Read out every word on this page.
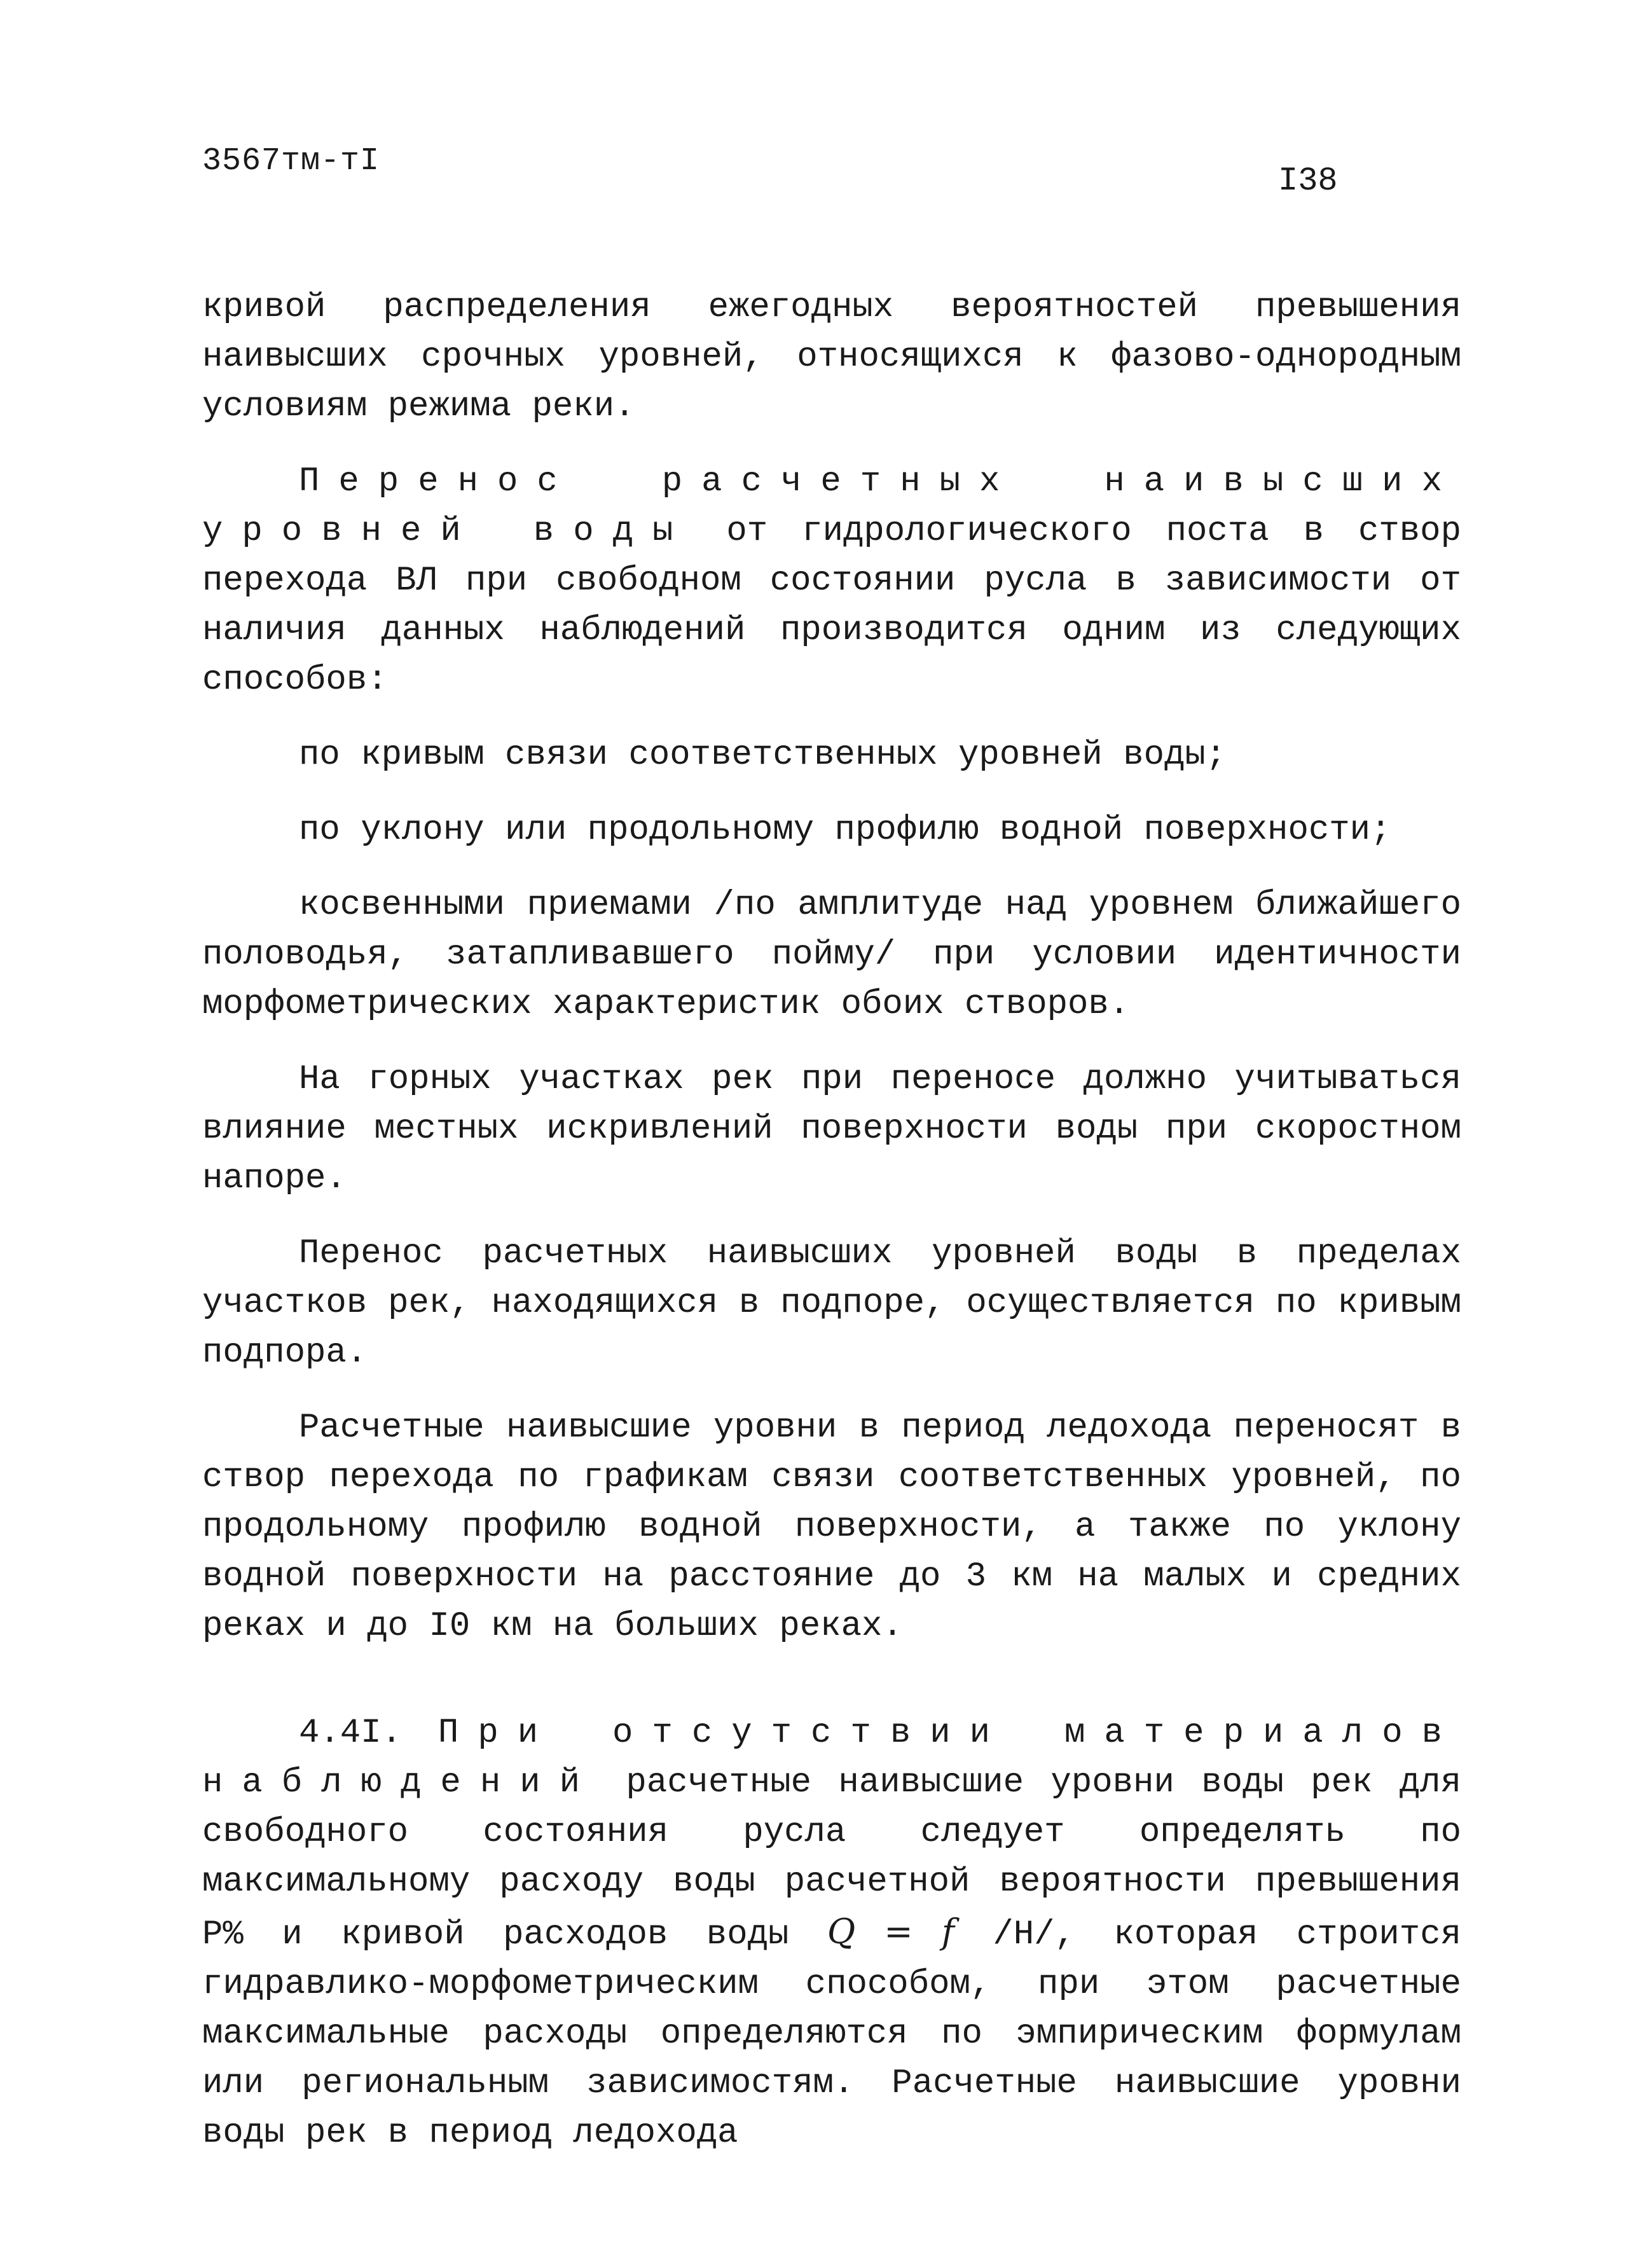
3567тм-тI
I38

кривой распределения ежегодных вероятностей превышения наивысших срочных уровней, относящихся к фазово-однородным условиям режима реки.

Перенос расчетных наивысших уровней воды от гидрологического поста в створ перехода ВЛ при свободном состоянии русла в зависимости от наличия данных наблюдений производится одним из следующих способов:

по кривым связи соответственных уровней воды;

по уклону или продольному профилю водной поверхности;

косвенными приемами /по амплитуде над уровнем ближайшего половодья, затапливавшего пойму/ при условии идентичности морфометрических характеристик обоих створов.

На горных участках рек при переносе должно учитываться влияние местных искривлений поверхности воды при скоростном напоре.

Перенос расчетных наивысших уровней воды в пределах участков рек, находящихся в подпоре, осуществляется по кривым подпора.

Расчетные наивысшие уровни в период ледохода переносят в створ перехода по графикам связи соответственных уровней, по продольному профилю водной поверхности, а также по уклону водной поверхности на расстояние до 3 км на малых и средних реках и до I0 км на больших реках.

4.4I. При отсутствии материалов наблюдений расчетные наивысшие уровни воды рек для свободного состояния русла следует определять по максимальному расходу воды расчетной вероятности превышения Р% и кривой расходов воды Q = f /Н/, которая строится гидравлико-морфометрическим способом, при этом расчетные максимальные расходы определяются по эмпирическим формулам или региональным зависимостям. Расчетные наивысшие уровни воды рек в период ледохода
